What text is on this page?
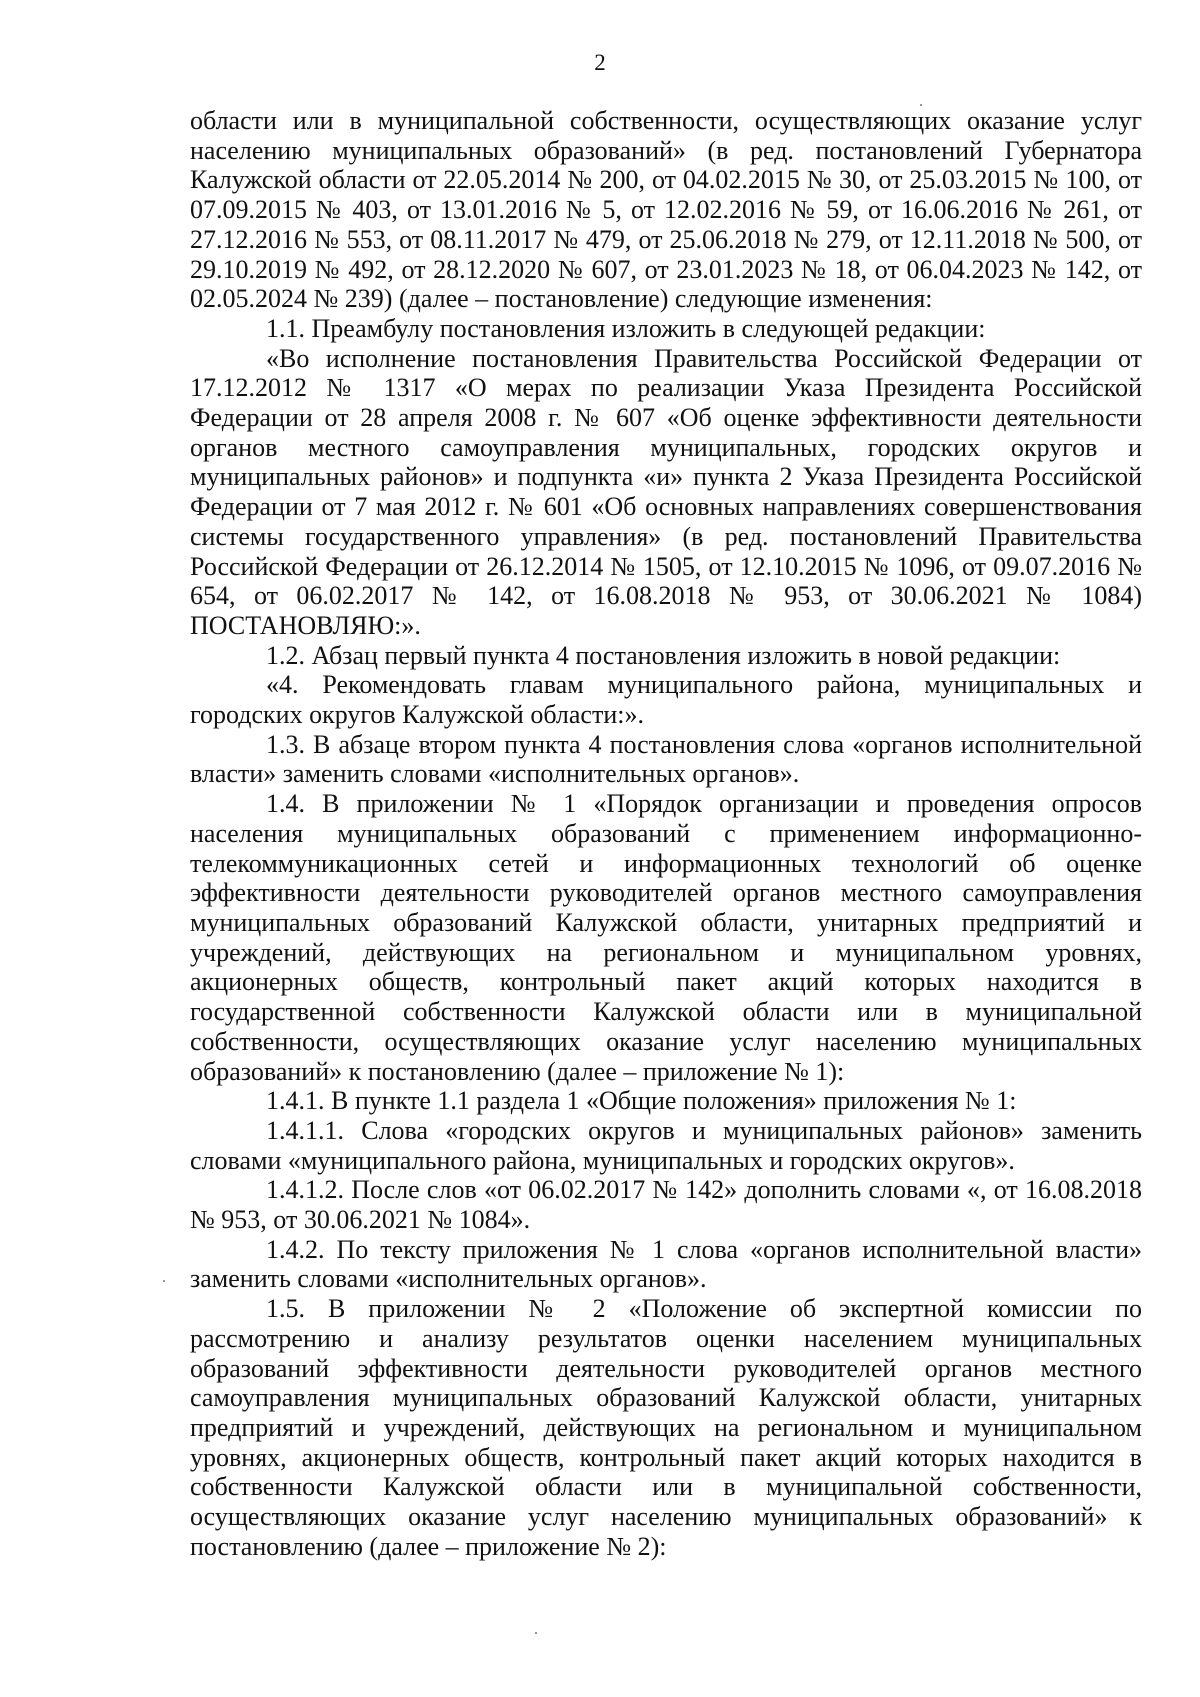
2

области или в муниципальной собственности, осуществляющих оказание услуг населению муниципальных образований» (в ред. постановлений Губернатора Калужской области от 22.05.2014 № 200, от 04.02.2015 № 30, от 25.03.2015 № 100, от 07.09.2015 № 403, от 13.01.2016 № 5, от 12.02.2016 № 59, от 16.06.2016 № 261, от 27.12.2016 № 553, от 08.11.2017 № 479, от 25.06.2018 № 279, от 12.11.2018 № 500, от 29.10.2019 № 492, от 28.12.2020 № 607, от 23.01.2023 № 18, от 06.04.2023 № 142, от 02.05.2024 № 239) (далее – постановление) следующие изменения:

1.1. Преамбулу постановления изложить в следующей редакции:

«Во исполнение постановления Правительства Российской Федерации от 17.12.2012 № 1317 «О мерах по реализации Указа Президента Российской Федерации от 28 апреля 2008 г. № 607 «Об оценке эффективности деятельности органов местного самоуправления муниципальных, городских округов и муниципальных районов» и подпункта «и» пункта 2 Указа Президента Российской Федерации от 7 мая 2012 г. № 601 «Об основных направлениях совершенствования системы государственного управления» (в ред. постановлений Правительства Российской Федерации от 26.12.2014 № 1505, от 12.10.2015 № 1096, от 09.07.2016 № 654, от 06.02.2017 № 142, от 16.08.2018 № 953, от 30.06.2021 № 1084) ПОСТАНОВЛЯЮ:».

1.2. Абзац первый пункта 4 постановления изложить в новой редакции:

«4. Рекомендовать главам муниципального района, муниципальных и городских округов Калужской области:».

1.3. В абзаце втором пункта 4 постановления слова «органов исполнительной власти» заменить словами «исполнительных органов».

1.4. В приложении № 1 «Порядок организации и проведения опросов населения муниципальных образований с применением информационно-телекоммуникационных сетей и информационных технологий об оценке эффективности деятельности руководителей органов местного самоуправления муниципальных образований Калужской области, унитарных предприятий и учреждений, действующих на региональном и муниципальном уровнях, акционерных обществ, контрольный пакет акций которых находится в государственной собственности Калужской области или в муниципальной собственности, осуществляющих оказание услуг населению муниципальных образований» к постановлению (далее – приложение № 1):

1.4.1. В пункте 1.1 раздела 1 «Общие положения» приложения № 1:

1.4.1.1. Слова «городских округов и муниципальных районов» заменить словами «муниципального района, муниципальных и городских округов».

1.4.1.2. После слов «от 06.02.2017 № 142» дополнить словами «, от 16.08.2018 № 953, от 30.06.2021 № 1084».

1.4.2. По тексту приложения № 1 слова «органов исполнительной власти» заменить словами «исполнительных органов».

1.5. В приложении № 2 «Положение об экспертной комиссии по рассмотрению и анализу результатов оценки населением муниципальных образований эффективности деятельности руководителей органов местного самоуправления муниципальных образований Калужской области, унитарных предприятий и учреждений, действующих на региональном и муниципальном уровнях, акционерных обществ, контрольный пакет акций которых находится в собственности Калужской области или в муниципальной собственности, осуществляющих оказание услуг населению муниципальных образований» к постановлению (далее – приложение № 2):
